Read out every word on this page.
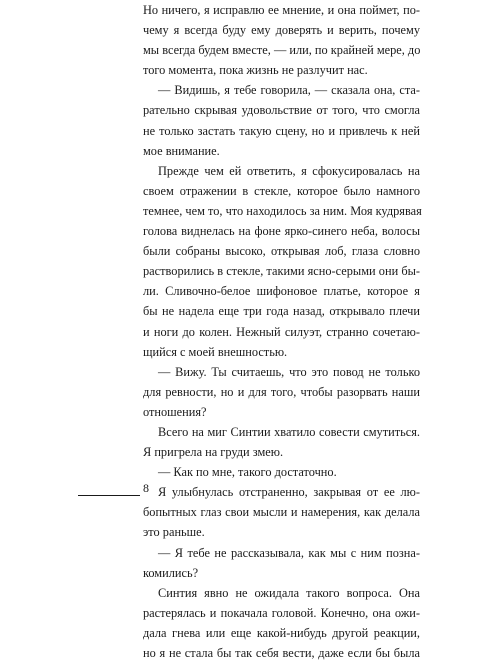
Но ничего, я исправлю ее мнение, и она поймет, по-
чему я всегда буду ему доверять и верить, почему
мы всегда будем вместе, — или, по крайней мере, до
того момента, пока жизнь не разлучит нас.
— Видишь, я тебе говорила, — сказала она, ста-
рательно скрывая удовольствие от того, что смогла
не только застать такую сцену, но и привлечь к ней
мое внимание.
Прежде чем ей ответить, я сфокусировалась на
своем отражении в стекле, которое было намного
темнее, чем то, что находилось за ним. Моя кудрявая
голова виднелась на фоне ярко-синего неба, волосы
были собраны высоко, открывая лоб, глаза словно
растворились в стекле, такими ясно-серыми они бы-
ли. Сливочно-белое шифоновое платье, которое я
бы не надела еще три года назад, открывало плечи
и ноги до колен. Нежный силуэт, странно сочетаю-
щийся с моей внешностью.
— Вижу. Ты считаешь, что это повод не только
для ревности, но и для того, чтобы разорвать наши
отношения?
Всего на миг Синтии хватило совести смутиться.
Я пригрела на груди змею.
— Как по мне, такого достаточно.
Я улыбнулась отстраненно, закрывая от ее лю-
бопытных глаз свои мысли и намерения, как делала
это раньше.
— Я тебе не рассказывала, как мы с ним позна-
комились?
Синтия явно не ожидала такого вопроса. Она
растерялась и покачала головой. Конечно, она ожи-
дала гнева или еще какой-нибудь другой реакции,
но я не стала бы так себя вести, даже если бы была
8
